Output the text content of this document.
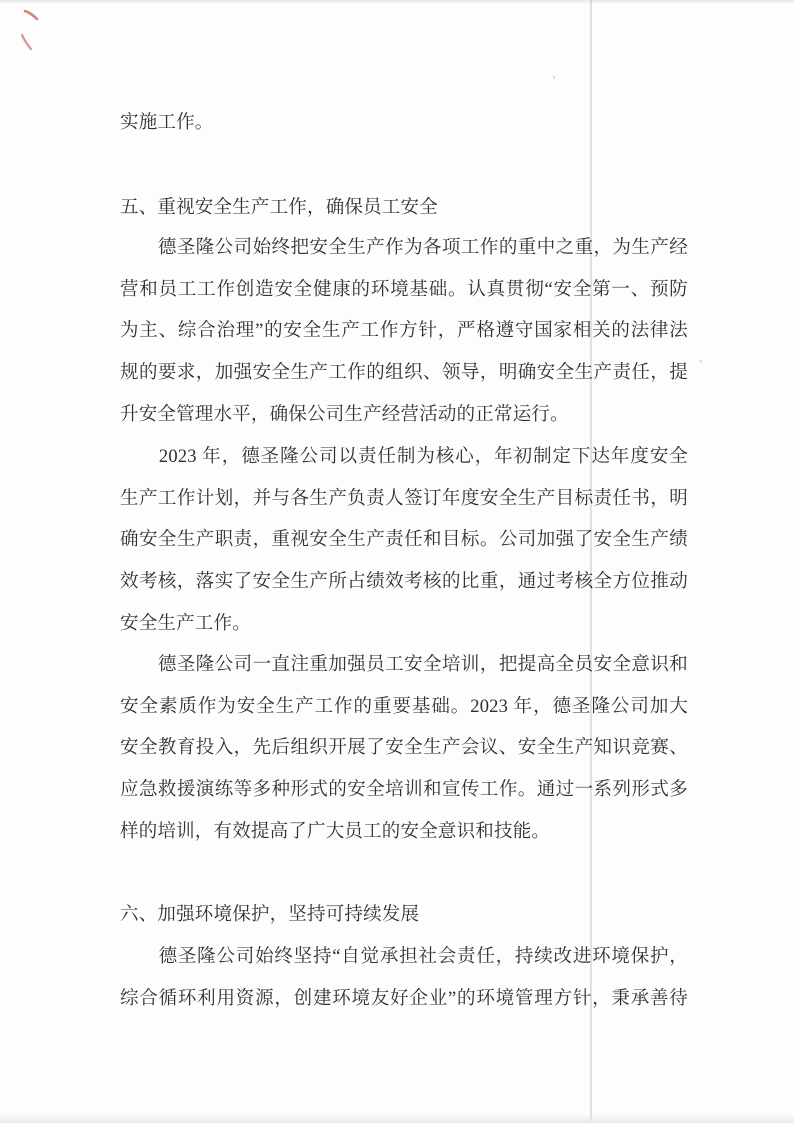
实施工作。
五、重视安全生产工作，确保员工安全
　　德圣隆公司始终把安全生产作为各项工作的重中之重，为生产经
营和员工工作创造安全健康的环境基础。认真贯彻“安全第一、预防
为主、综合治理”的安全生产工作方针，严格遵守国家相关的法律法
规的要求，加强安全生产工作的组织、领导，明确安全生产责任，提
升安全管理水平，确保公司生产经营活动的正常运行。
　　2023 年，德圣隆公司以责任制为核心，年初制定下达年度安全
生产工作计划，并与各生产负责人签订年度安全生产目标责任书，明
确安全生产职责，重视安全生产责任和目标。公司加强了安全生产绩
效考核，落实了安全生产所占绩效考核的比重，通过考核全方位推动
安全生产工作。
　　德圣隆公司一直注重加强员工安全培训，把提高全员安全意识和
安全素质作为安全生产工作的重要基础。2023 年，德圣隆公司加大
安全教育投入，先后组织开展了安全生产会议、安全生产知识竞赛、
应急救援演练等多种形式的安全培训和宣传工作。通过一系列形式多
样的培训，有效提高了广大员工的安全意识和技能。
六、加强环境保护，坚持可持续发展
　　德圣隆公司始终坚持“自觉承担社会责任，持续改进环境保护，
综合循环利用资源，创建环境友好企业”的环境管理方针，秉承善待
